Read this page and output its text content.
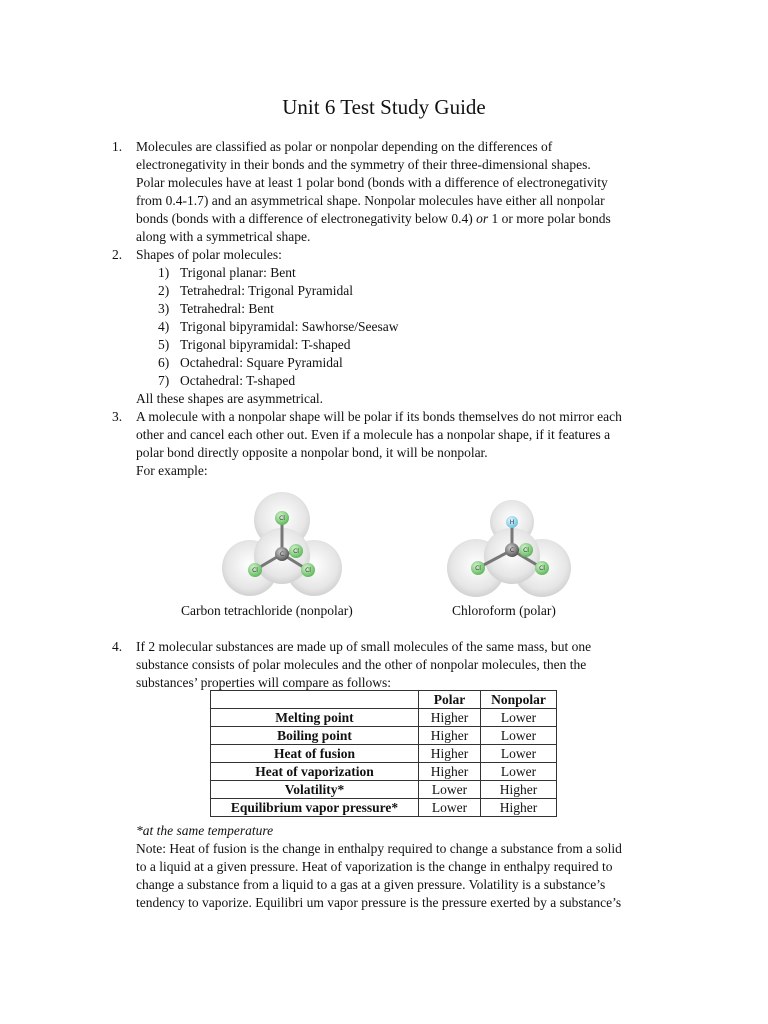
Unit 6 Test Study Guide
1. Molecules are classified as polar or nonpolar depending on the differences of
electronegativity in their bonds and the symmetry of their three-dimensional shapes.
Polar molecules have at least 1 polar bond (bonds with a difference of electronegativity
from 0.4-1.7) and an asymmetrical shape. Nonpolar molecules have either all nonpolar
bonds (bonds with a difference of electronegativity below 0.4) or 1 or more polar bonds
along with a symmetrical shape.
2. Shapes of polar molecules:
1) Trigonal planar: Bent
2) Tetrahedral: Trigonal Pyramidal
3) Tetrahedral: Bent
4) Trigonal bipyramidal: Sawhorse/Seesaw
5) Trigonal bipyramidal: T-shaped
6) Octahedral: Square Pyramidal
7) Octahedral: T-shaped
All these shapes are asymmetrical.
3. A molecule with a nonpolar shape will be polar if its bonds themselves do not mirror each
other and cancel each other out. Even if a molecule has a nonpolar shape, if it features a
polar bond directly opposite a nonpolar bond, it will be nonpolar.
For example:
Cl
C Cl
Cl	Cl
Carbon tetrachloride (nonpolar)
H
C Cl
Cl	Cl
Chloroform (polar)
4. If 2 molecular substances are made up of small molecules of the same mass, but one
substance consists of polar molecules and the other of nonpolar molecules, then the
substances’ properties will compare as follows:
	Polar	Nonpolar
Melting point	Higher	Lower
Boiling point	Higher	Lower
Heat of fusion	Higher	Lower
Heat of vaporization	Higher	Lower
Volatility*	Lower	Higher
Equilibrium vapor pressure*	Lower	Higher
*at the same temperature
Note: Heat of fusion is the change in enthalpy required to change a substance from a solid
to a liquid at a given pressure. Heat of vaporization is the change in enthalpy required to
change a substance from a liquid to a gas at a given pressure. Volatility is a substance’s
tendency to vaporize. Equilibri um vapor pressure is the pressure exerted by a substance’s
